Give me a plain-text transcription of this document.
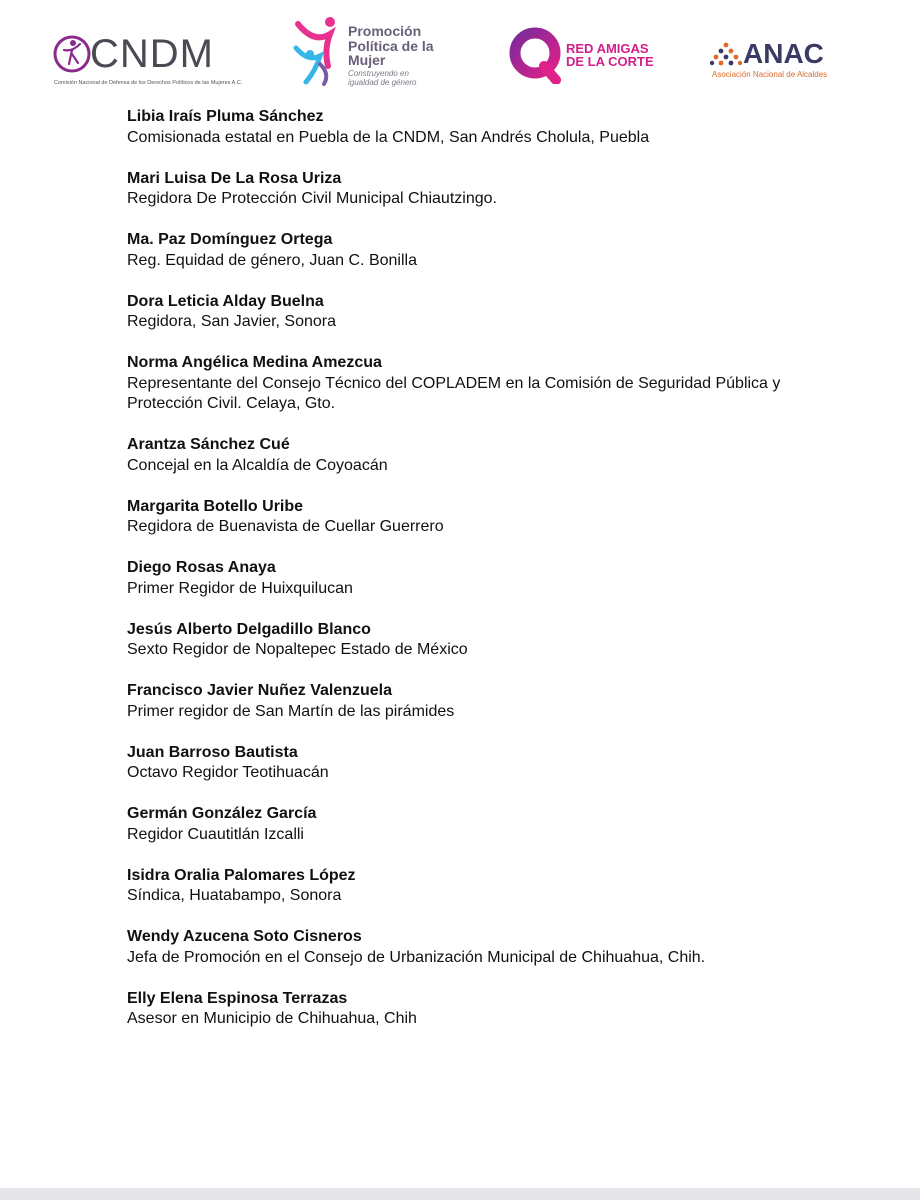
CNDM
Comisión Nacional de Defensa de los Derechos Políticos de las Mujeres A.C.
Promoción
Política de la
Mujer
Construyendo en
igualdad de género
RED AMIGAS
DE LA CORTE	ANAC
Asociación Nacional de Alcaldes
Libia Iraís Pluma Sánchez
Comisionada estatal en Puebla de la CNDM, San Andrés Cholula, Puebla
Mari Luisa De La Rosa Uriza
Regidora De Protección Civil Municipal Chiautzingo.
Ma. Paz Domínguez Ortega
Reg. Equidad de género, Juan C. Bonilla
Dora Leticia Alday Buelna
Regidora, San Javier, Sonora
Norma Angélica Medina Amezcua
Representante del Consejo Técnico del COPLADEM en la Comisión de Seguridad Pública y Protección Civil. Celaya, Gto.
Arantza Sánchez Cué
Concejal en la Alcaldía de Coyoacán
Margarita Botello Uribe
Regidora de Buenavista de Cuellar Guerrero
Diego Rosas Anaya
Primer Regidor de Huixquilucan
Jesús Alberto Delgadillo Blanco
Sexto Regidor de Nopaltepec Estado de México
Francisco Javier Nuñez Valenzuela
Primer regidor de San Martín de las pirámides
Juan Barroso Bautista
Octavo Regidor Teotihuacán
Germán González García
Regidor Cuautitlán Izcalli
Isidra Oralia Palomares López
Síndica, Huatabampo, Sonora
Wendy Azucena Soto Cisneros
Jefa de Promoción en el Consejo de Urbanización Municipal de Chihuahua, Chih.
Elly Elena Espinosa Terrazas
Asesor en Municipio de Chihuahua, Chih
